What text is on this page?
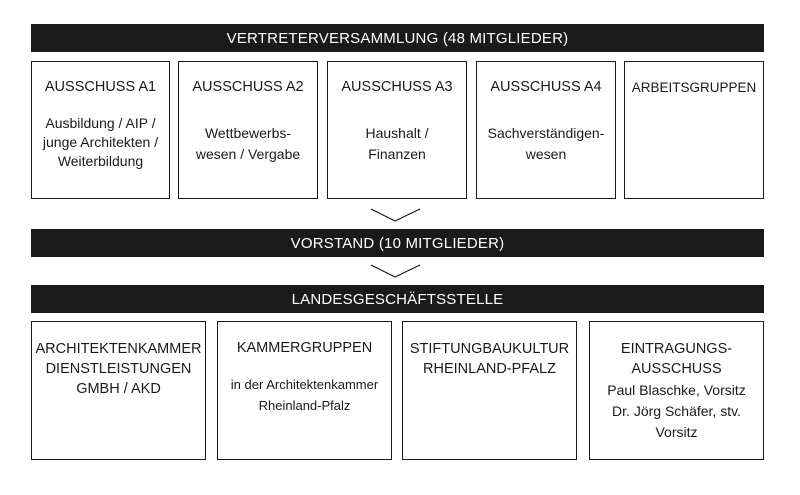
VERTRETERVERSAMMLUNG (48 MITGLIEDER)
AUSSCHUSS A1
Ausbildung / AIP /
junge Architekten /
Weiterbildung
AUSSCHUSS A2
Wettbewerbs-
wesen / Vergabe
AUSSCHUSS A3
Haushalt /
Finanzen
AUSSCHUSS A4
Sachverständigen-
wesen
ARBEITSGRUPPEN
VORSTAND (10 MITGLIEDER)
LANDESGESCHÄFTSSTELLE
ARCHITEKTENKAMMER
DIENSTLEISTUNGEN
GMBH / AKD
KAMMERGRUPPEN
in der Architektenkammer
Rheinland-Pfalz
STIFTUNGBAUKULTUR
RHEINLAND-PFALZ
EINTRAGUNGS-
AUSSCHUSS
Paul Blaschke, Vorsitz
Dr. Jörg Schäfer, stv.
Vorsitz
